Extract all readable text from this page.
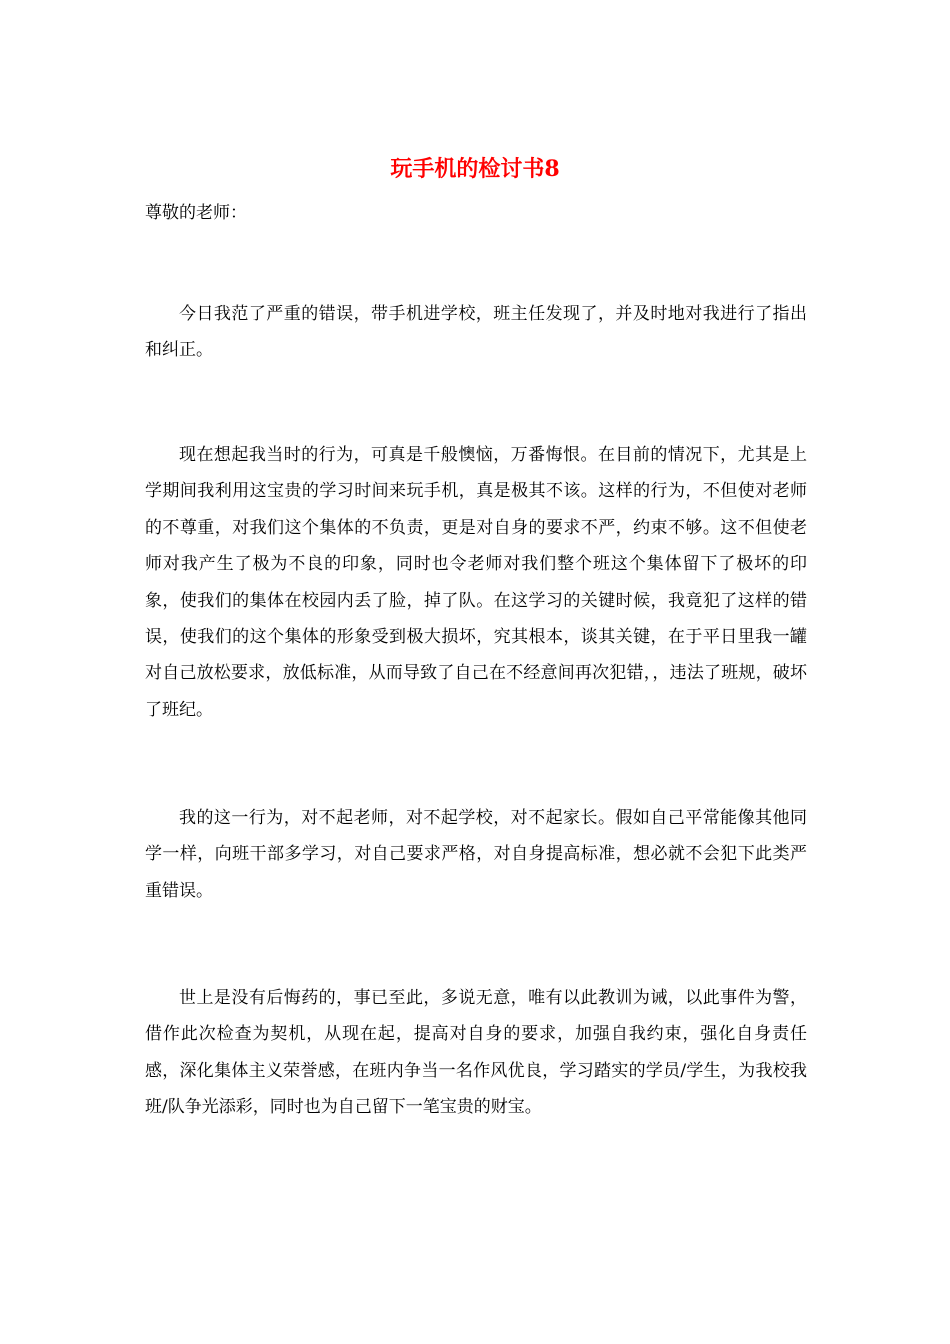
玩手机的检讨书8

尊敬的老师：

今日我范了严重的错误，带手机进学校，班主任发现了，并及时地对我进行了指出和纠正。

现在想起我当时的行为，可真是千般懊恼，万番悔恨。在目前的情况下，尤其是上学期间我利用这宝贵的学习时间来玩手机，真是极其不该。这样的行为，不但使对老师的不尊重，对我们这个集体的不负责，更是对自身的要求不严，约束不够。这不但使老师对我产生了极为不良的印象，同时也令老师对我们整个班这个集体留下了极坏的印象，使我们的集体在校园内丢了脸，掉了队。在这学习的关键时候，我竟犯了这样的错误，使我们的这个集体的形象受到极大损坏，究其根本，谈其关键，在于平日里我一罐对自己放松要求，放低标准，从而导致了自己在不经意间再次犯错，，违法了班规，破坏了班纪。

我的这一行为，对不起老师，对不起学校，对不起家长。假如自己平常能像其他同学一样，向班干部多学习，对自己要求严格，对自身提高标准，想必就不会犯下此类严重错误。

世上是没有后悔药的，事已至此，多说无意，唯有以此教训为诫，以此事件为警，借作此次检查为契机，从现在起，提高对自身的要求，加强自我约束，强化自身责任感，深化集体主义荣誉感，在班内争当一名作风优良，学习踏实的学员/学生，为我校我班/队争光添彩，同时也为自己留下一笔宝贵的财宝。
